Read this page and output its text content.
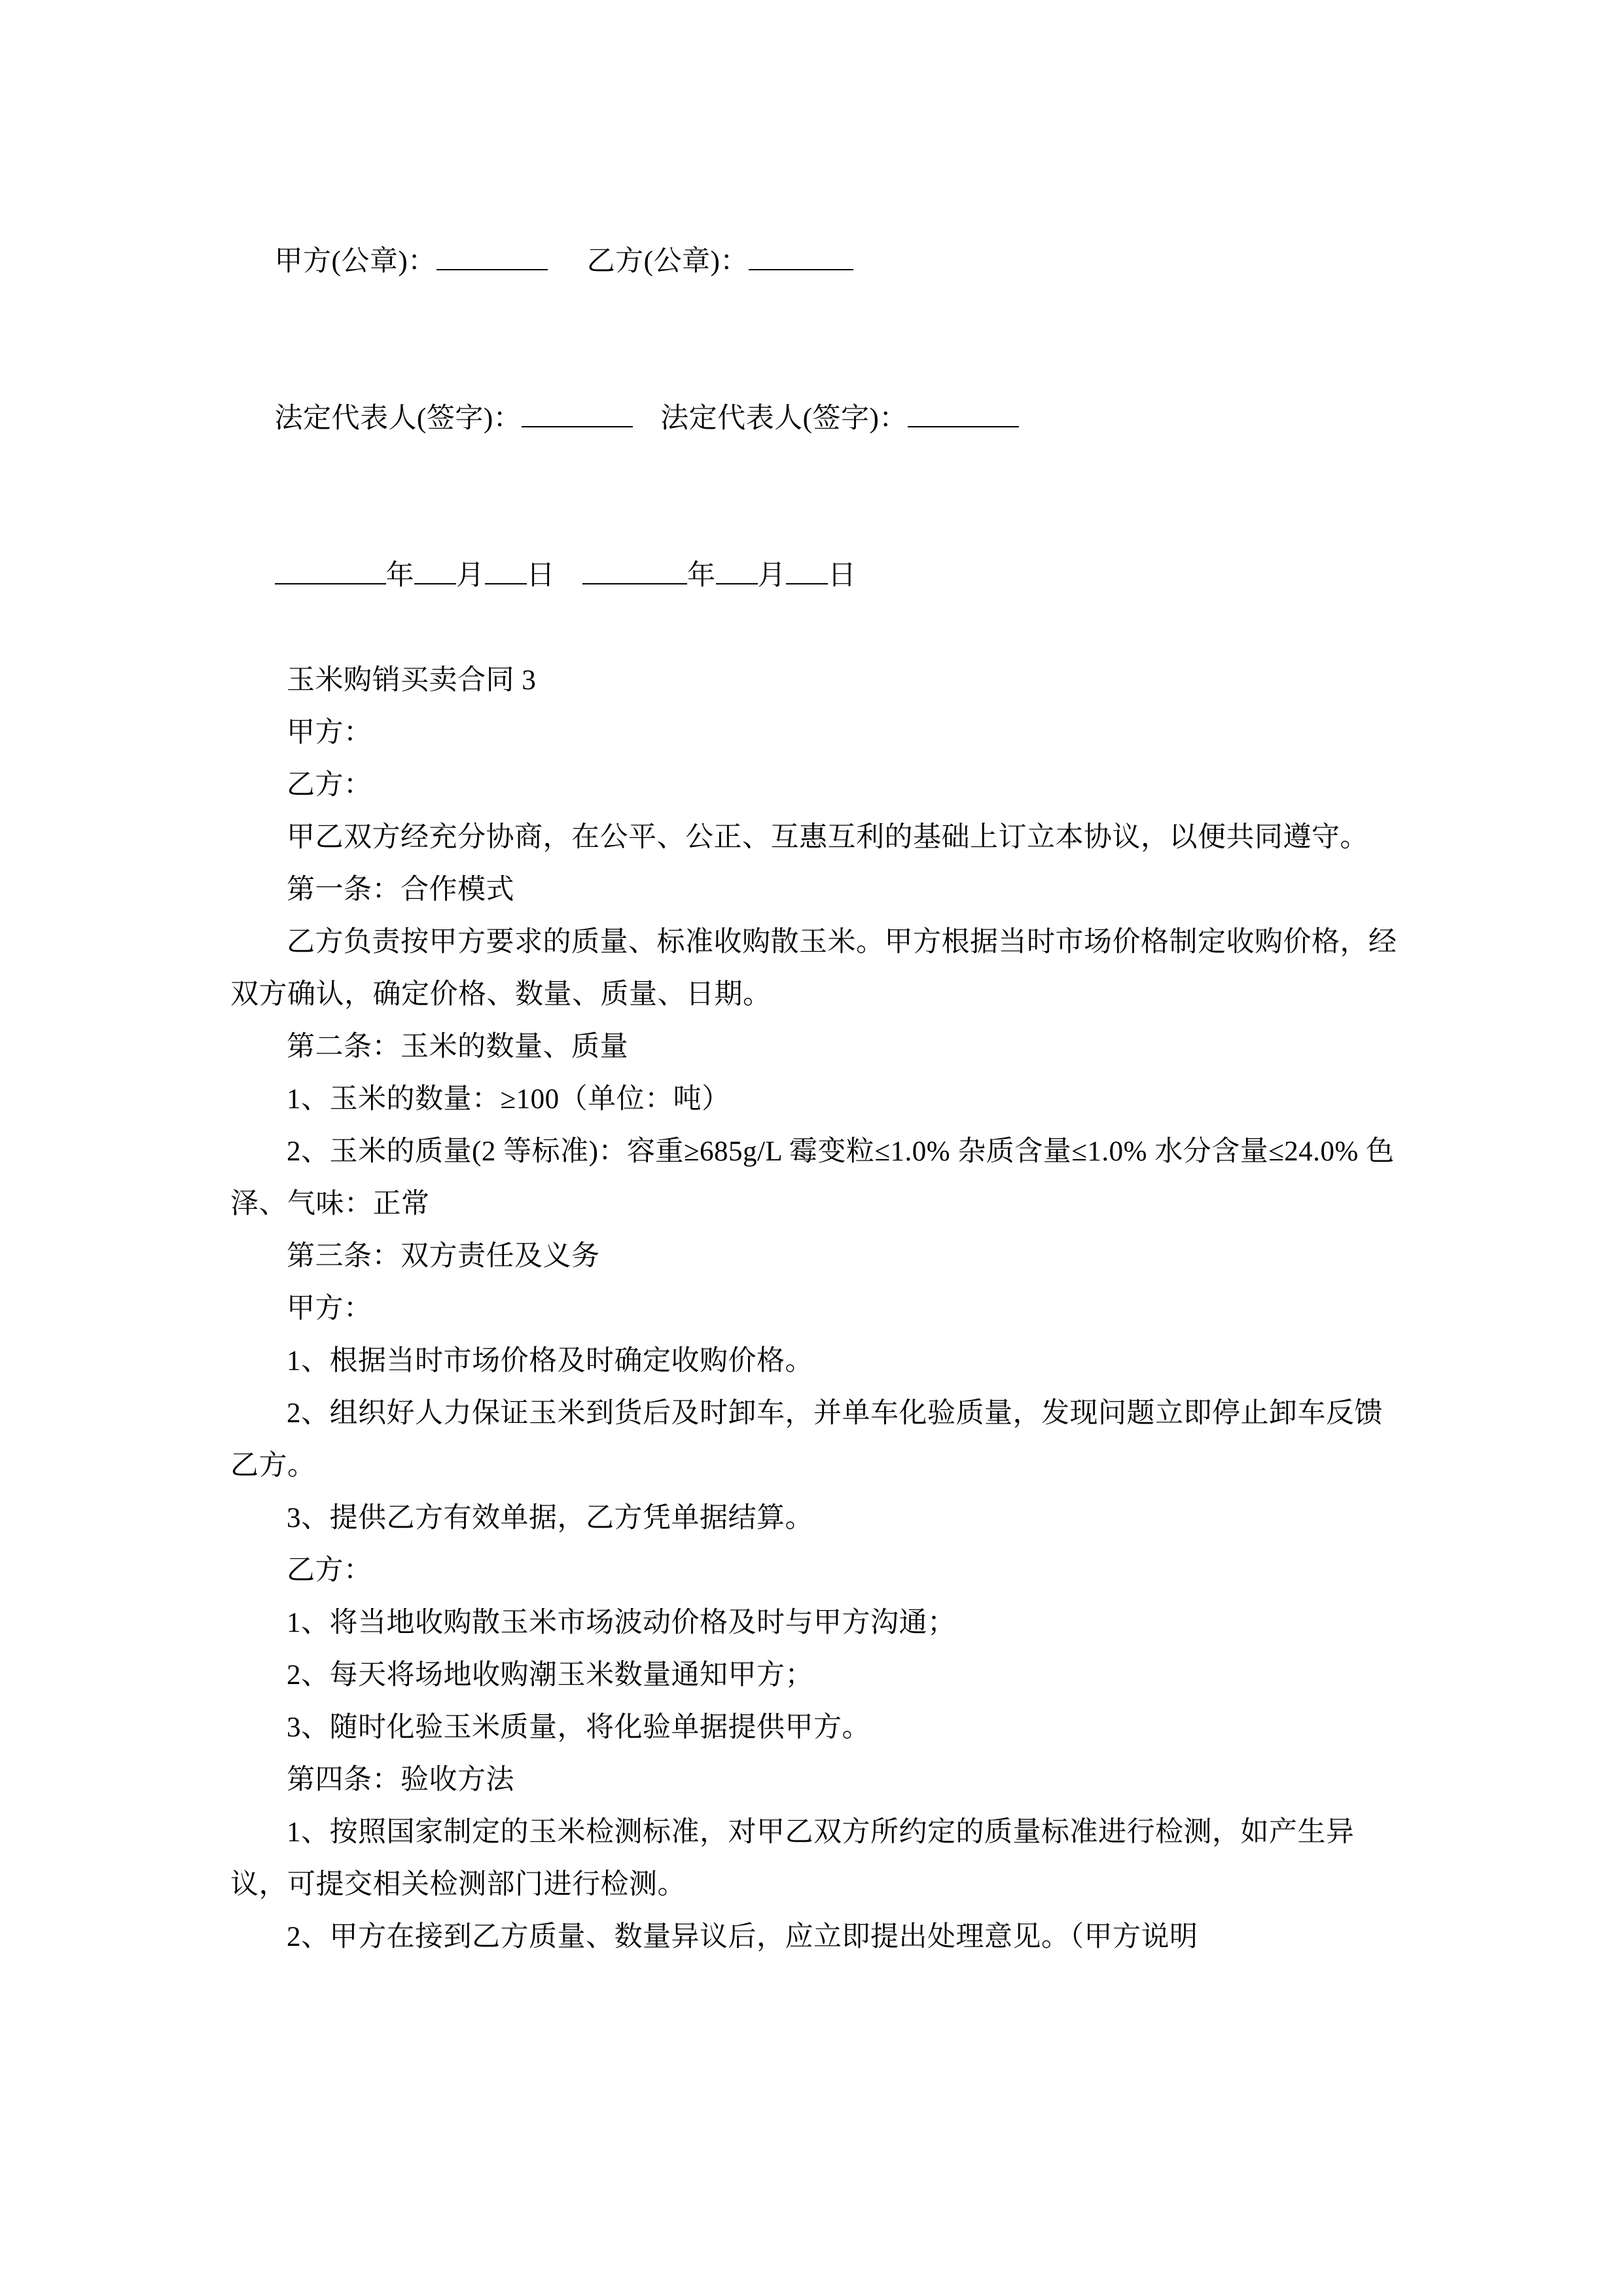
甲方(公章)：	乙方(公章)：

法定代表人(签字)：	法定代表人(签字)：

年 月 日	年 月 日

玉米购销买卖合同 3

甲方：

乙方：

甲乙双方经充分协商，在公平、公正、互惠互利的基础上订立本协议，以便共同遵守。

第一条：合作模式

乙方负责按甲方要求的质量、标准收购散玉米。甲方根据当时市场价格制定收购价格，经双方确认，确定价格、数量、质量、日期。

第二条：玉米的数量、质量

1、玉米的数量：≥100（单位：吨）

2、玉米的质量(2 等标准)：容重≥685g/L 霉变粒≤1.0% 杂质含量≤1.0% 水分含量≤24.0% 色泽、气味：正常

第三条：双方责任及义务

甲方：

1、根据当时市场价格及时确定收购价格。

2、组织好人力保证玉米到货后及时卸车，并单车化验质量，发现问题立即停止卸车反馈乙方。

3、提供乙方有效单据，乙方凭单据结算。

乙方：

1、将当地收购散玉米市场波动价格及时与甲方沟通；

2、每天将场地收购潮玉米数量通知甲方；

3、随时化验玉米质量，将化验单据提供甲方。

第四条：验收方法

1、按照国家制定的玉米检测标准，对甲乙双方所约定的质量标准进行检测，如产生异议，可提交相关检测部门进行检测。

2、甲方在接到乙方质量、数量异议后，应立即提出处理意见。（甲方说明
